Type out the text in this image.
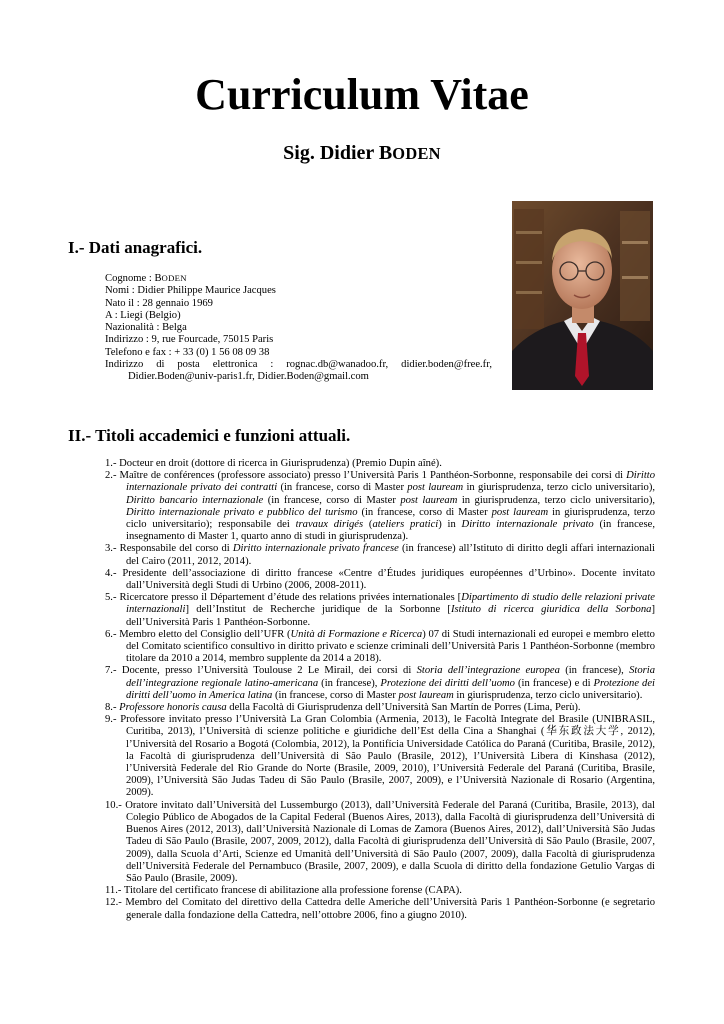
Curriculum Vitae
Sig. Didier BODEN
I.- Dati anagrafici.
Cognome : BODEN
Nomi : Didier Philippe Maurice Jacques
Nato il : 28 gennaio 1969
A : Liegi (Belgio)
Nazionalità : Belga
Indirizzo : 9, rue Fourcade, 75015 Paris
Telefono e fax : + 33 (0) 1 56 08 09 38
Indirizzo di posta elettronica : rognac.db@wanadoo.fr, didier.boden@free.fr,
Didier.Boden@univ-paris1.fr, Didier.Boden@gmail.com
II.- Titoli accademici e funzioni attuali.
1.- Docteur en droit (dottore di ricerca in Giurisprudenza) (Premio Dupin aîné).
2.- Maître de conférences (professore associato) presso l’Università Paris 1 Panthéon-Sorbonne, responsabile dei corsi di Diritto internazionale privato dei contratti (in francese, corso di Master post lauream in giurisprudenza, terzo ciclo universitario), Diritto bancario internazionale (in francese, corso di Master post lauream in giurisprudenza, terzo ciclo universitario), Diritto internazionale privato e pubblico del turismo (in francese, corso di Master post lauream in giurisprudenza, terzo ciclo universitario); responsabile dei travaux dirigés (ateliers pratici) in Diritto internazionale privato (in francese, insegnamento di Master 1, quarto anno di studi in giurisprudenza).
3.- Responsabile del corso di Diritto internazionale privato francese (in francese) all’Istituto di diritto degli affari internazionali del Cairo (2011, 2012, 2014).
4.- Presidente dell’associazione di diritto francese «Centre d’Études juridiques européennes d’Urbino». Docente invitato dall’Università degli Studi di Urbino (2006, 2008-2011).
5.- Ricercatore presso il Département d’étude des relations privées internationales [Dipartimento di studio delle relazioni private internazionali] dell’Institut de Recherche juridique de la Sorbonne [Istituto di ricerca giuridica della Sorbona] dell’Università Paris 1 Panthéon-Sorbonne.
6.- Membro eletto del Consiglio dell’UFR (Unità di Formazione e Ricerca) 07 di Studi internazionali ed europei e membro eletto del Comitato scientifico consultivo in diritto privato e scienze criminali dell’Università Paris 1 Panthéon-Sorbonne (membro titolare da 2010 a 2014, membro supplente da 2014 a 2018).
7.- Docente, presso l’Università Toulouse 2 Le Mirail, dei corsi di Storia dell’integrazione europea (in francese), Storia dell’integrazione regionale latino-americana (in francese), Protezione dei diritti dell’uomo (in francese) e di Protezione dei diritti dell’uomo in America latina (in francese, corso di Master post lauream in giurisprudenza, terzo ciclo universitario).
8.- Professore honoris causa della Facoltà di Giurisprudenza dell’Università San Martín de Porres (Lima, Perù).
9.- Professore invitato presso l’Università La Gran Colombia (Armenia, 2013), le Facoltà Integrate del Brasile (UNIBRASIL, Curitiba, 2013), l’Università di scienze politiche e giuridiche dell’Est della Cina a Shanghai (华东政法大学, 2012), l’Università del Rosario a Bogotá (Colombia, 2012), la Pontifícia Universidade Católica do Paraná (Curitiba, Brasile, 2012), la Facoltà di giurisprudenza dell’Università di São Paulo (Brasile, 2012), l’Università Libera di Kinshasa (2012), l’Università Federale del Rio Grande do Norte (Brasile, 2009, 2010), l’Università Federale del Paraná (Curitiba, Brasile, 2009), l’Università São Judas Tadeu di São Paulo (Brasile, 2007, 2009), e l’Università Nazionale di Rosario (Argentina, 2009).
10.- Oratore invitato dall’Università del Lussemburgo (2013), dall’Università Federale del Paraná (Curitiba, Brasile, 2013), dal Colegio Público de Abogados de la Capital Federal (Buenos Aires, 2013), dalla Facoltà di giurisprudenza dell’Università di Buenos Aires (2012, 2013), dall’Università Nazionale di Lomas de Zamora (Buenos Aires, 2012), dall’Università São Judas Tadeu di São Paulo (Brasile, 2007, 2009, 2012), dalla Facoltà di giurisprudenza dell’Università di São Paulo (Brasile, 2007, 2009), dalla Scuola d’Arti, Scienze ed Umanità dell’Università di São Paulo (2007, 2009), dalla Facoltà di giurisprudenza dell’Università Federale del Pernambuco (Brasile, 2007, 2009), e dalla Scuola di diritto della fondazione Getulio Vargas di São Paulo (Brasile, 2009).
11.- Titolare del certificato francese di abilitazione alla professione forense (CAPA).
12.- Membro del Comitato del direttivo della Cattedra delle Americhe dell’Università Paris 1 Panthéon-Sorbonne (e segretario generale dalla fondazione della Cattedra, nell’ottobre 2006, fino a giugno 2010).
